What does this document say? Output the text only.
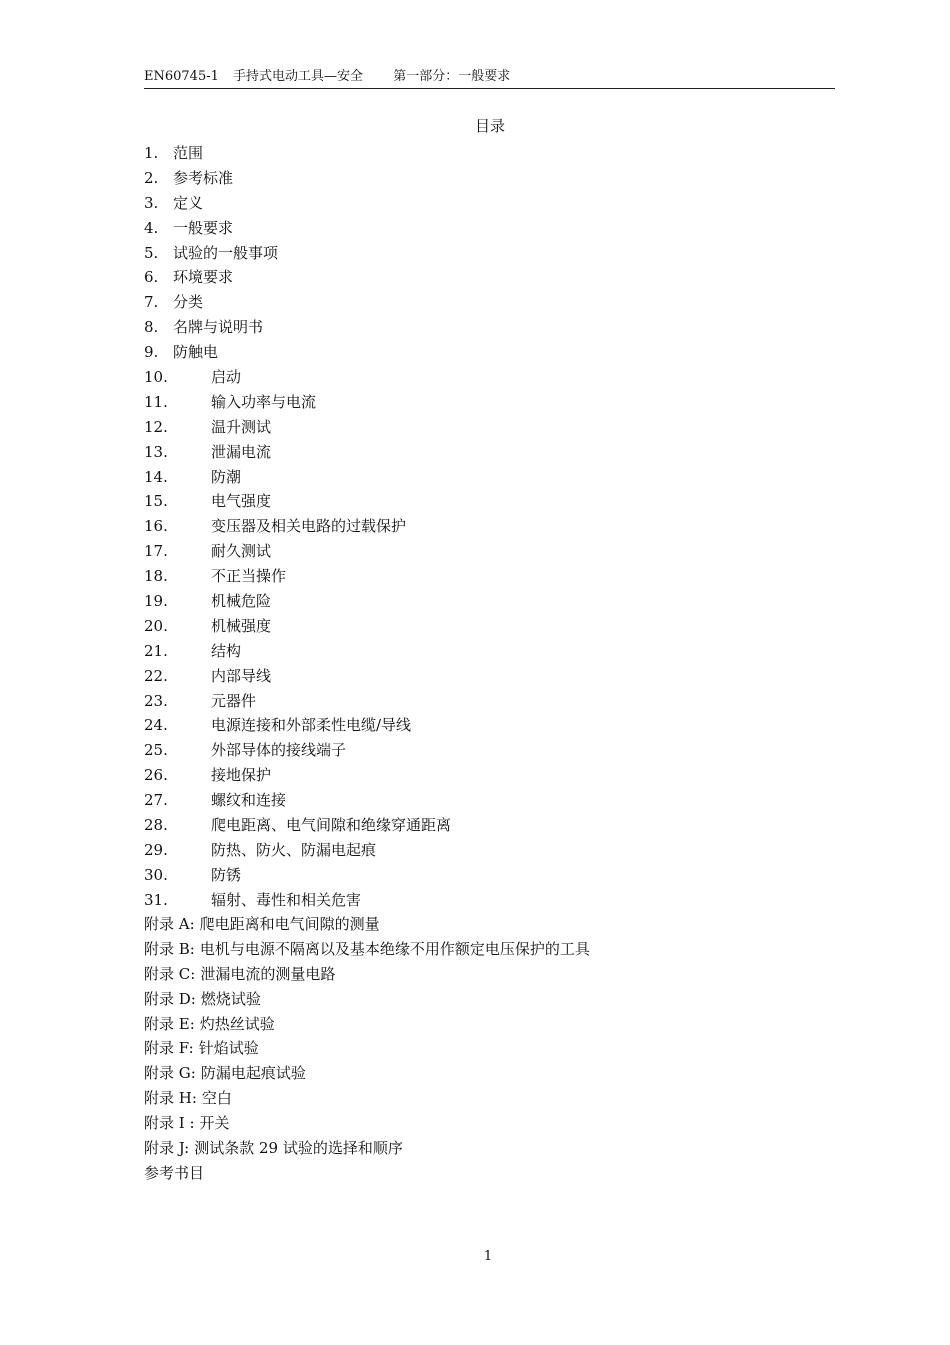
EN60745-1 手持式电动工具—安全 第一部分：一般要求
目录
1. 范围
2. 参考标准
3. 定义
4. 一般要求
5. 试验的一般事项
6. 环境要求
7. 分类
8. 名牌与说明书
9. 防触电
10.	启动
11.	输入功率与电流
12.	温升测试
13.	泄漏电流
14.	防潮
15.	电气强度
16.	变压器及相关电路的过载保护
17.	耐久测试
18.	不正当操作
19.	机械危险
20.	机械强度
21.	结构
22.	内部导线
23.	元器件
24.	电源连接和外部柔性电缆/导线
25.	外部导体的接线端子
26.	接地保护
27.	螺纹和连接
28.	爬电距离、电气间隙和绝缘穿通距离
29.	防热、防火、防漏电起痕
30.	防锈
31.	辐射、毒性和相关危害
附录 A: 爬电距离和电气间隙的测量
附录 B: 电机与电源不隔离以及基本绝缘不用作额定电压保护的工具
附录 C: 泄漏电流的测量电路
附录 D: 燃烧试验
附录 E: 灼热丝试验
附录 F: 针焰试验
附录 G: 防漏电起痕试验
附录 H: 空白
附录 I : 开关
附录 J: 测试条款 29 试验的选择和顺序
参考书目
1
